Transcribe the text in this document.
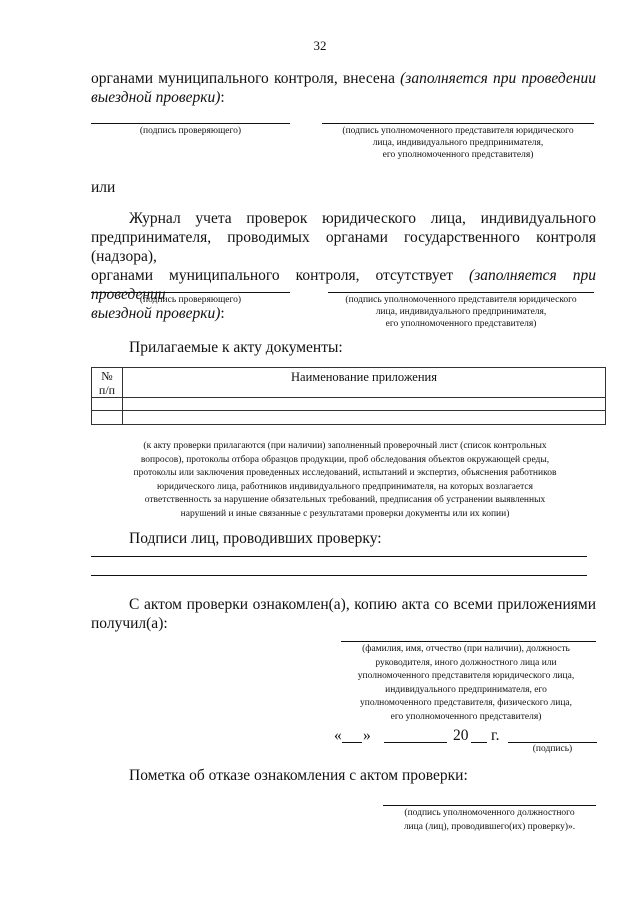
32
органами муниципального контроля, внесена (заполняется при проведении
выездной проверки):
(подпись проверяющего)	(подпись уполномоченного представителя юридического
лица, индивидуального предпринимателя,
его уполномоченного представителя)
или
Журнал учета проверок юридического лица, индивидуального
предпринимателя, проводимых органами государственного контроля (надзора),
органами муниципального контроля, отсутствует (заполняется при проведении
выездной проверки):
(подпись проверяющего)	(подпись уполномоченного представителя юридического
лица, индивидуального предпринимателя,
его уполномоченного представителя)
Прилагаемые к акту документы:
№
п/п	Наименование приложения

(к акту проверки прилагаются (при наличии) заполненный проверочный лист (список контрольных
вопросов), протоколы отбора образцов продукции, проб обследования объектов окружающей среды,
протоколы или заключения проведенных исследований, испытаний и экспертиз, объяснения работников
юридического лица, работников индивидуального предпринимателя, на которых возлагается
ответственность за нарушение обязательных требований, предписания об устранении выявленных
нарушений и иные связанные с результатами проверки документы или их копии)
Подписи лиц, проводивших проверку:
С актом проверки ознакомлен(а), копию акта со всеми приложениями
получил(а):
(фамилия, имя, отчество (при наличии), должность
руководителя, иного должностного лица или
уполномоченного представителя юридического лица,
индивидуального предпринимателя, его
уполномоченного представителя, физического лица,
его уполномоченного представителя)
« »	20 г.
(подпись)
Пометка об отказе ознакомления с актом проверки:
(подпись уполномоченного должностного
лица (лиц), проводившего(их) проверку)».
